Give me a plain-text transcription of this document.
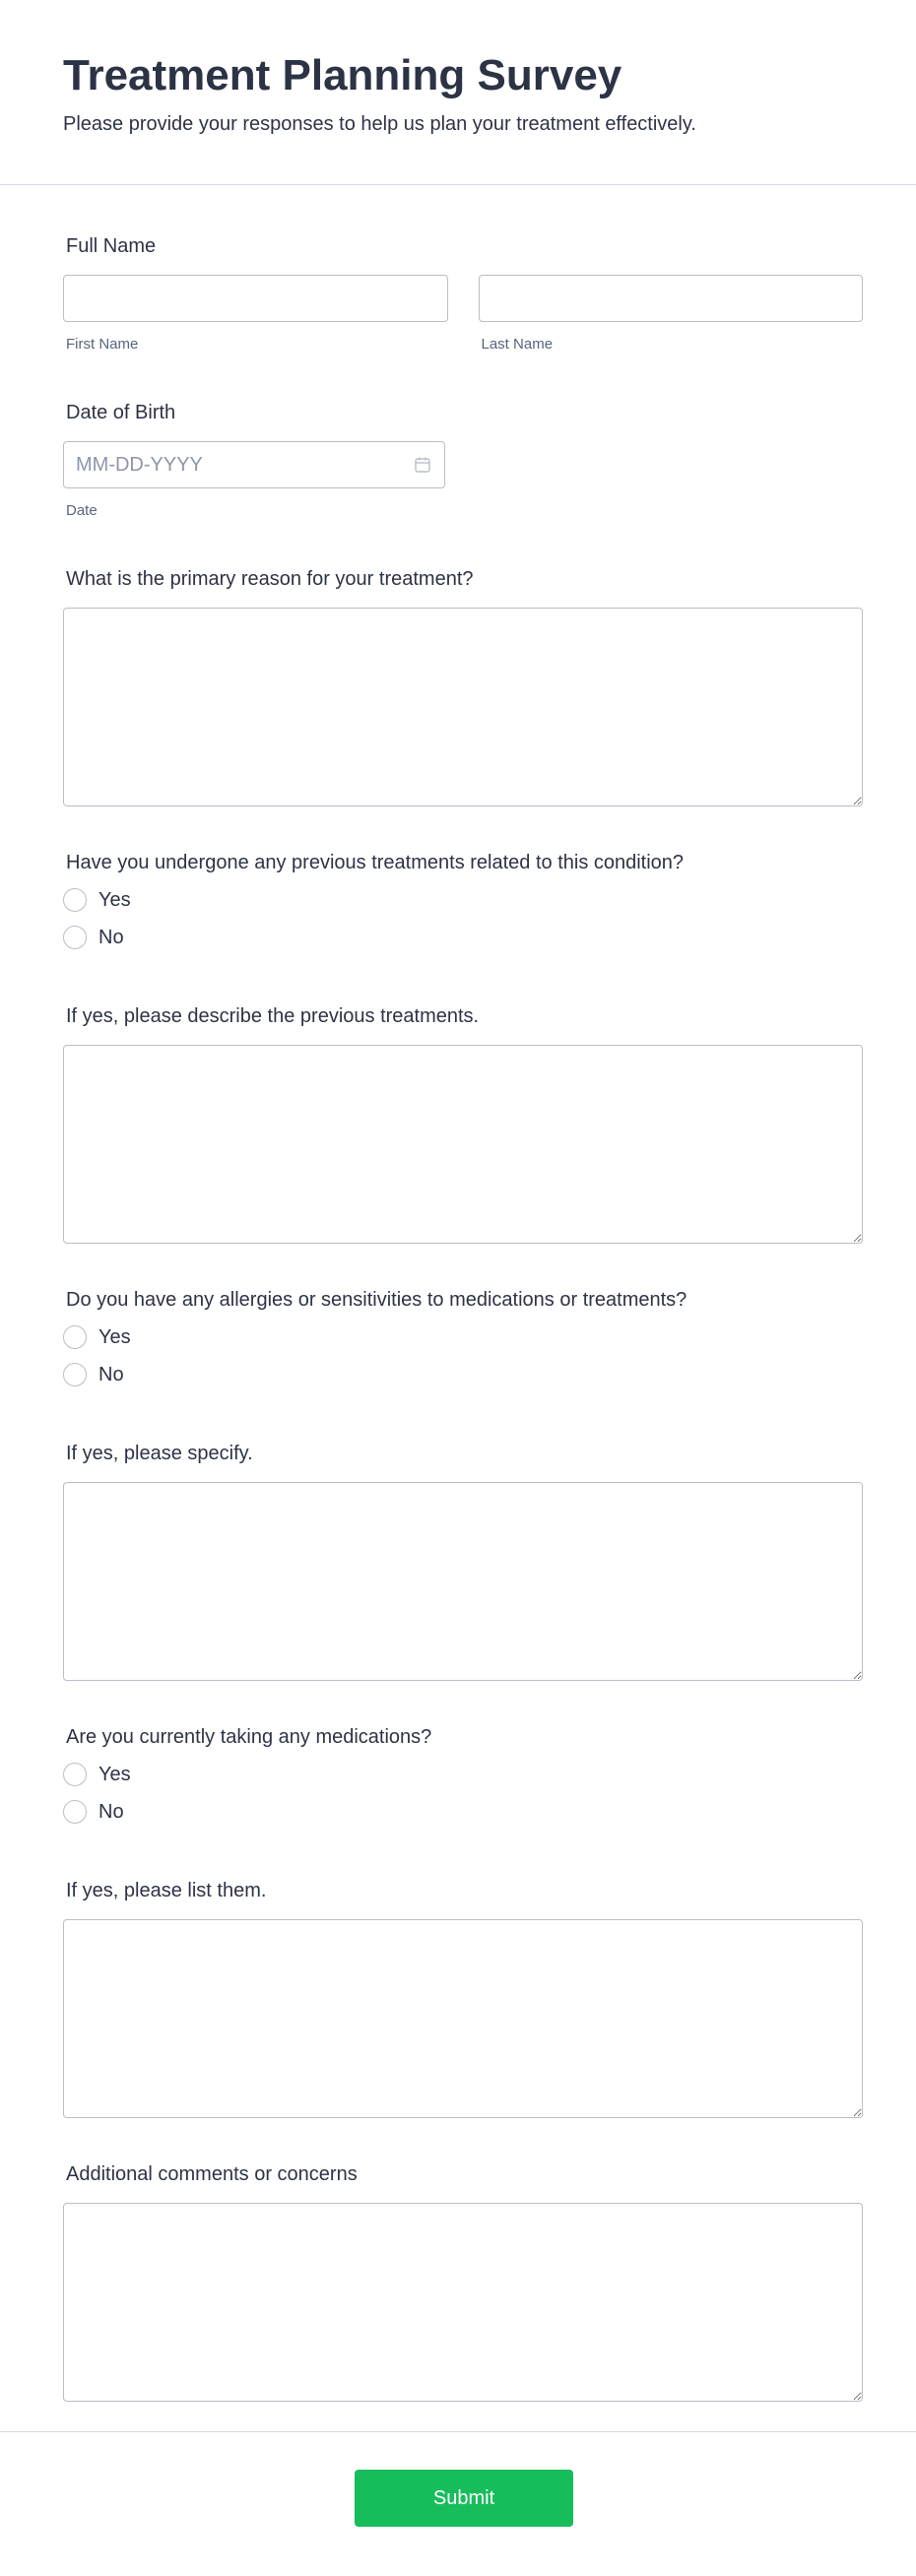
Treatment Planning Survey
Please provide your responses to help us plan your treatment effectively.
Full Name
First Name	Last Name
Date of Birth
MM-DD-YYYY
Date
What is the primary reason for your treatment?
Have you undergone any previous treatments related to this condition?
Yes
No
If yes, please describe the previous treatments.
Do you have any allergies or sensitivities to medications or treatments?
Yes
No
If yes, please specify.
Are you currently taking any medications?
Yes
No
If yes, please list them.
Additional comments or concerns
Submit
